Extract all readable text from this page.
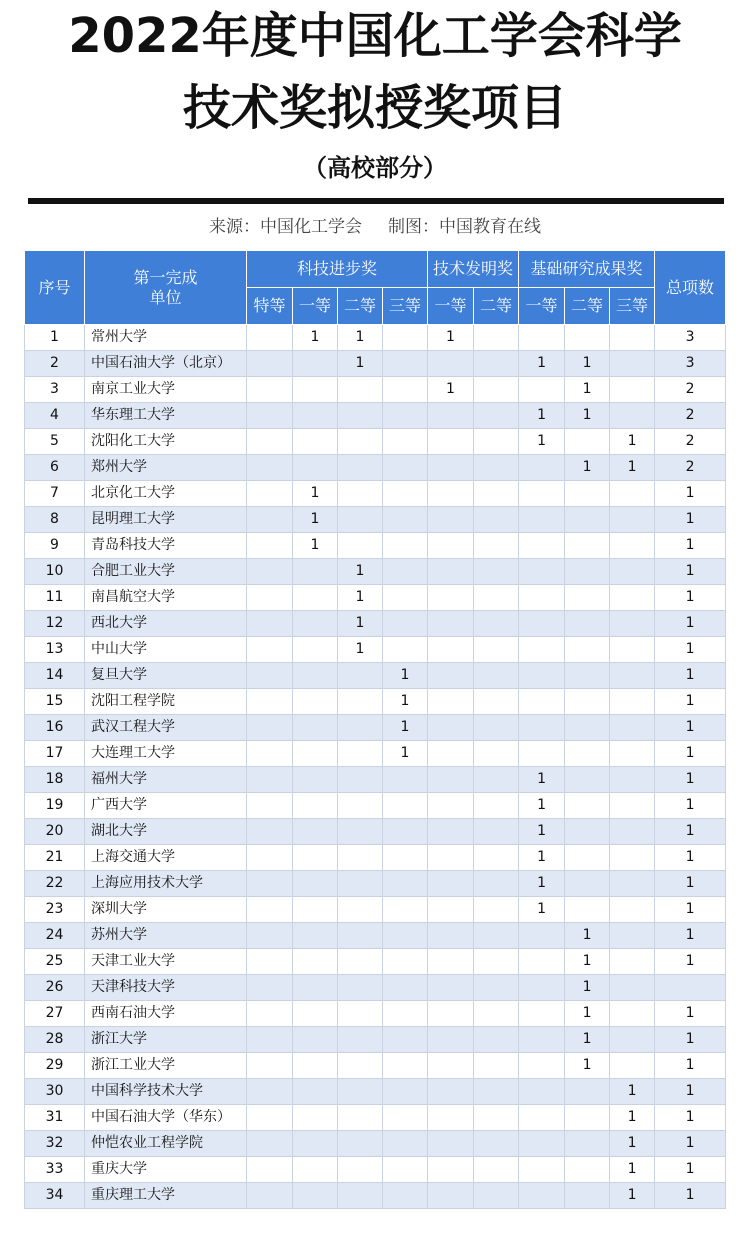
2022年度中国化工学会科学
技术奖拟授奖项目
（高校部分）
来源：中国化工学会 制图：中国教育在线
序号	第一完成
单位	科技进步奖				技术发明奖		基础研究成果奖			总项数
		特等	一等	二等	三等	一等	二等	一等	二等	三等	
1	常州大学		1	1		1					3
2	中国石油大学（北京）			1				1	1		3
3	南京工业大学					1			1		2
4	华东理工大学							1	1		2
5	沈阳化工大学							1		1	2
6	郑州大学								1	1	2
7	北京化工大学		1								1
8	昆明理工大学		1								1
9	青岛科技大学		1								1
10	合肥工业大学			1							1
11	南昌航空大学			1							1
12	西北大学			1							1
13	中山大学			1							1
14	复旦大学				1						1
15	沈阳工程学院				1						1
16	武汉工程大学				1						1
17	大连理工大学				1						1
18	福州大学							1			1
19	广西大学							1			1
20	湖北大学							1			1
21	上海交通大学							1			1
22	上海应用技术大学							1			1
23	深圳大学							1			1
24	苏州大学								1		1
25	天津工业大学								1		1
26	天津科技大学								1		
27	西南石油大学								1		1
28	浙江大学								1		1
29	浙江工业大学								1		1
30	中国科学技术大学									1	1
31	中国石油大学（华东）									1	1
32	仲恺农业工程学院									1	1
33	重庆大学									1	1
34	重庆理工大学									1	1
